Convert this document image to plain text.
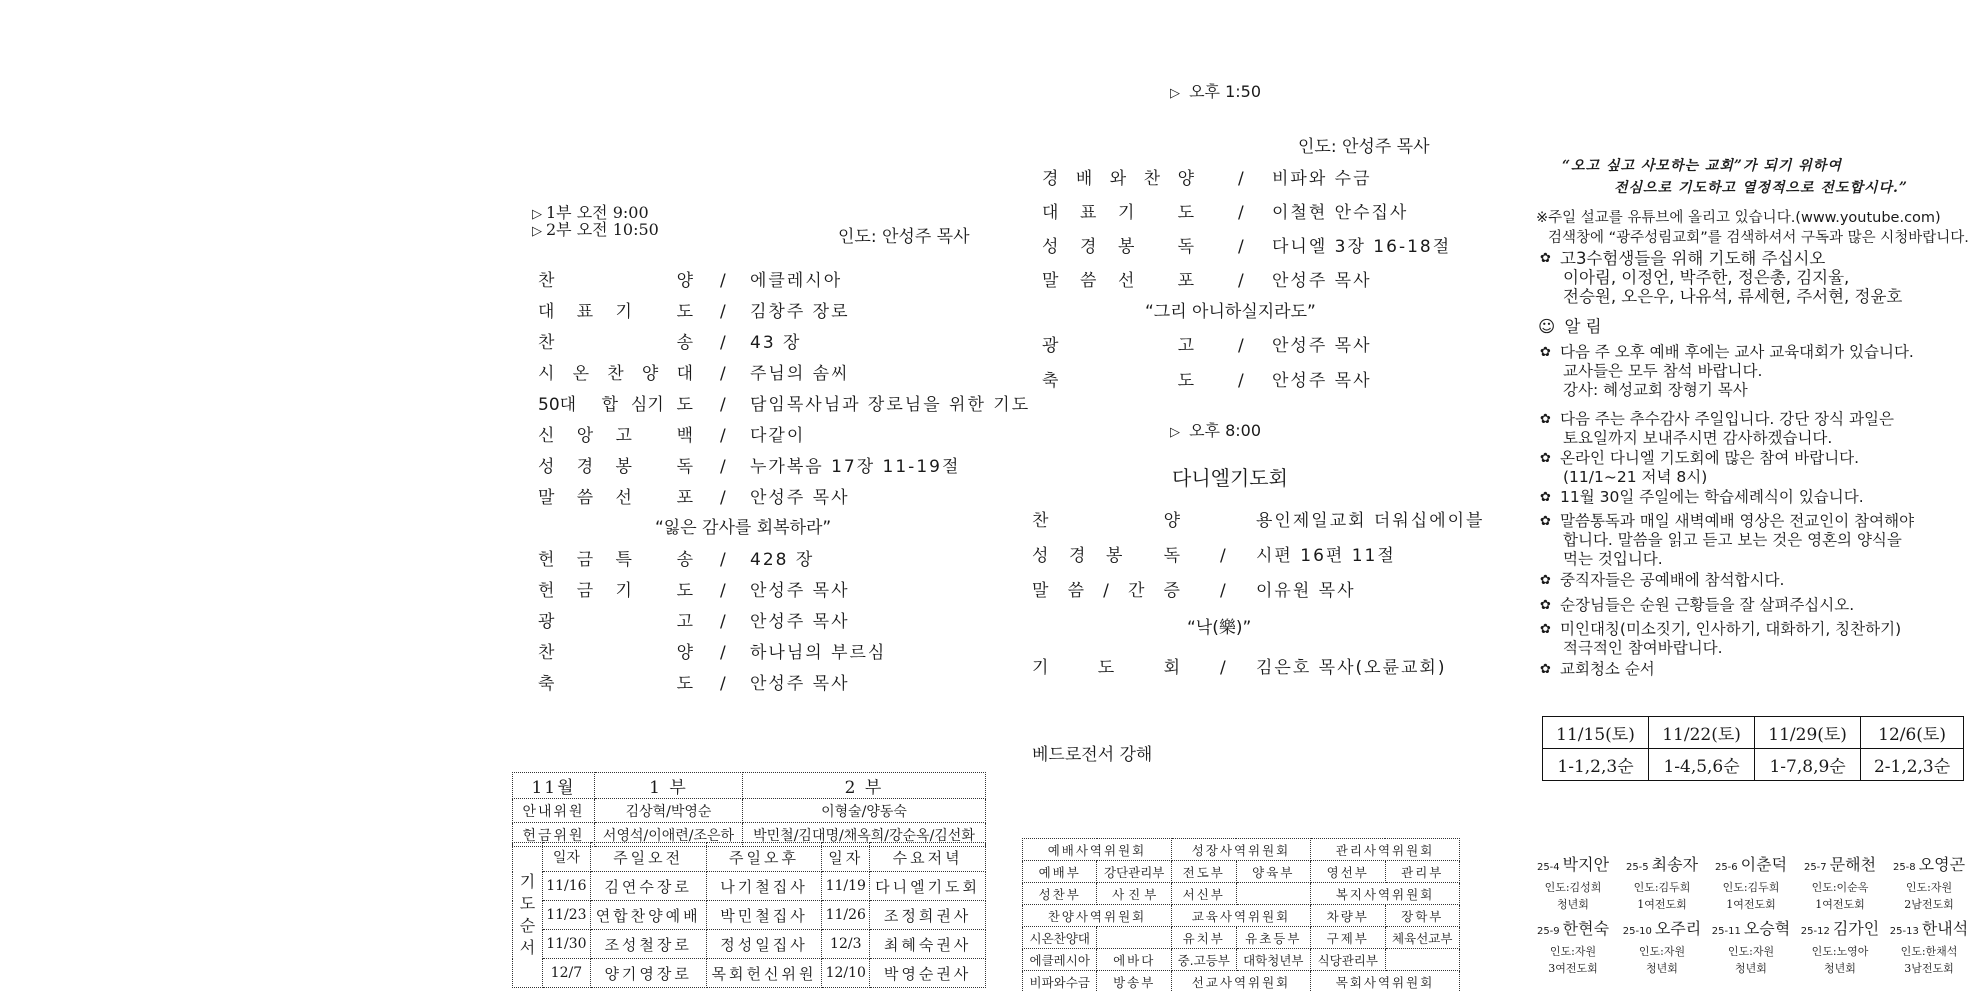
▷ 1부 오전 9:00
▷ 2부 오전 10:50	인도: 안성주 목사
찬	양 / 에클레시아
대 표 기	도 / 김창주 장로
찬	송 / 43 장
시 온 찬 양 대 / 주님의 솜씨
50대 합 심기 도 / 담임목사님과 장로님을 위한 기도
신 앙 고	백 / 다같이
성 경 봉	독 / 누가복음 17장 11-19절
말 씀 선	포 / 안성주 목사
“잃은 감사를 회복하라”
헌 금 특	송 / 428 장
헌 금 기	도 / 안성주 목사
광	고 / 안성주 목사
찬	양 / 하나님의 부르심
축	도 / 안성주 목사
11월	1 부	2 부
안내위원	김상혁/박영순	이형술/양동숙
헌금위원	서영석/이애련/조은하	박민철/김대명/채옥희/강순옥/김선화
기
도
순
서	일자	주일오전	주일오후	일자	수요저녁
	11/16	김연수장로	나기철집사	11/19	다니엘기도회
	11/23	연합찬양예배	박민철집사	11/26	조정희권사
	11/30	조성철장로	정성일집사	12/3	최혜숙권사
	12/7	양기영장로	목회헌신위원	12/10	박영순권사
▷ 오후 1:50
인도: 안성주 목사
경 배 와 찬 양	/ 비파와 수금
대 표 기	도	/ 이철현 안수집사
성 경 봉	독	/ 다니엘 3장 16-18절
말 씀 선	포	/ 안성주 목사
“그리 아니하실지라도”
광	고	/ 안성주 목사
축	도	/ 안성주 목사
▷ 오후 8:00
다니엘기도회
찬	양	용인제일교회 더워십에이블
성 경 봉 독 / 시편 16편 11절
말 씀 / 간 증 / 이유원 목사
“낙(樂)”
기	도	회 / 김은호 목사(오륜교회)
베드로전서 강해
예배사역위원회		성장사역위원회		관리사역위원회	
예배부	강단관리부	전도부	양육부	영선부	관리부
성찬부	사 진 부	서신부		복지사역위원회	
찬양사역위원회		교육사역위원회		차량부	장학부
시온찬양대		유치부	유초등부	구제부	체육선교부
에클레시아	에바다	중.고등부	대학청년부	식당관리부	
비파와수금	방송부	선교사역위원회		목회사역위원회	
“오고 싶고 사모하는 교회”가 되기 위하여
전심으로 기도하고 열정적으로 전도합시다.”
※주일 설교를 유튜브에 올리고 있습니다.(www.youtube.com)
검색창에 “광주성림교회”를 검색하셔서 구독과 많은 시청바랍니다.
✿ 고3수험생들을 위해 기도해 주십시오
이아림, 이정언, 박주한, 정은총, 김지율,
전승원, 오은우, 나유석, 류세현, 주서현, 정윤호
☺ 알 림
✿ 다음 주 오후 예배 후에는 교사 교육대회가 있습니다.
교사들은 모두 참석 바랍니다.
강사: 혜성교회 장형기 목사
✿ 다음 주는 추수감사 주일입니다. 강단 장식 과일은
토요일까지 보내주시면 감사하겠습니다.
✿ 온라인 다니엘 기도회에 많은 참여 바랍니다.
(11/1~21 저녁 8시)
✿ 11월 30일 주일에는 학습세례식이 있습니다.
✿ 말씀통독과 매일 새벽예배 영상은 전교인이 참여해야
합니다. 말씀을 읽고 듣고 보는 것은 영혼의 양식을
먹는 것입니다.
✿ 중직자들은 공예배에 참석합시다.
✿ 순장님들은 순원 근황들을 잘 살펴주십시오.
✿ 미인대칭(미소짓기, 인사하기, 대화하기, 칭찬하기)
적극적인 참여바랍니다.
✿ 교회청소 순서
11/15(토)	11/22(토)	11/29(토)	12/6(토)
1-1,2,3순	1-4,5,6순	1-7,8,9순	2-1,2,3순
25-4 박지안
인도:김성희
청년회
25-5 최송자
인도:김두희
1여전도회
25-6 이춘덕
인도:김두희
1여전도회
25-7 문해천
인도:이순옥
1여전도회
25-8 오영곤
인도:자원
2남전도회
25-9 한현숙
인도:자원
3여전도회
25-10 오주리
인도:자원
청년회
25-11 오승혁
인도:자원
청년회
25-12 김가인
인도:노영아
청년회
25-13 한내석
인도:한채석
3남전도회
